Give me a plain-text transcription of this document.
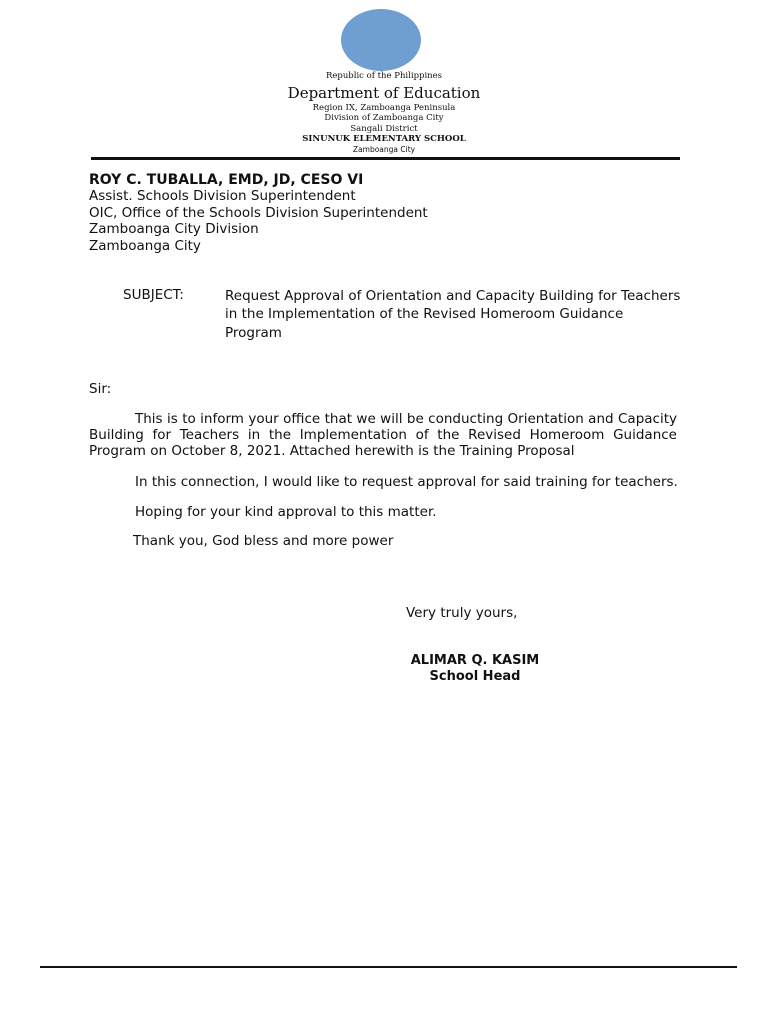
Republic of the Philippines
Department of Education
Region IX, Zamboanga Peninsula
Division of Zamboanga City
Sangali District
SINUNUK ELEMENTARY SCHOOL
Zamboanga City
ROY C. TUBALLA, EMD, JD, CESO VI
Assist. Schools Division Superintendent
OIC, Office of the Schools Division Superintendent
Zamboanga City Division
Zamboanga City
SUBJECT:	Request Approval of Orientation and Capacity Building for Teachers
in the Implementation of the Revised Homeroom Guidance
Program
Sir:
This is to inform your office that we will be conducting Orientation and Capacity Building for Teachers in the Implementation of the Revised Homeroom Guidance Program on October 8, 2021. Attached herewith is the Training Proposal
In this connection, I would like to request approval for said training for teachers.
Hoping for your kind approval to this matter.
Thank you, God bless and more power
Very truly yours,
ALIMAR Q. KASIM
School Head
